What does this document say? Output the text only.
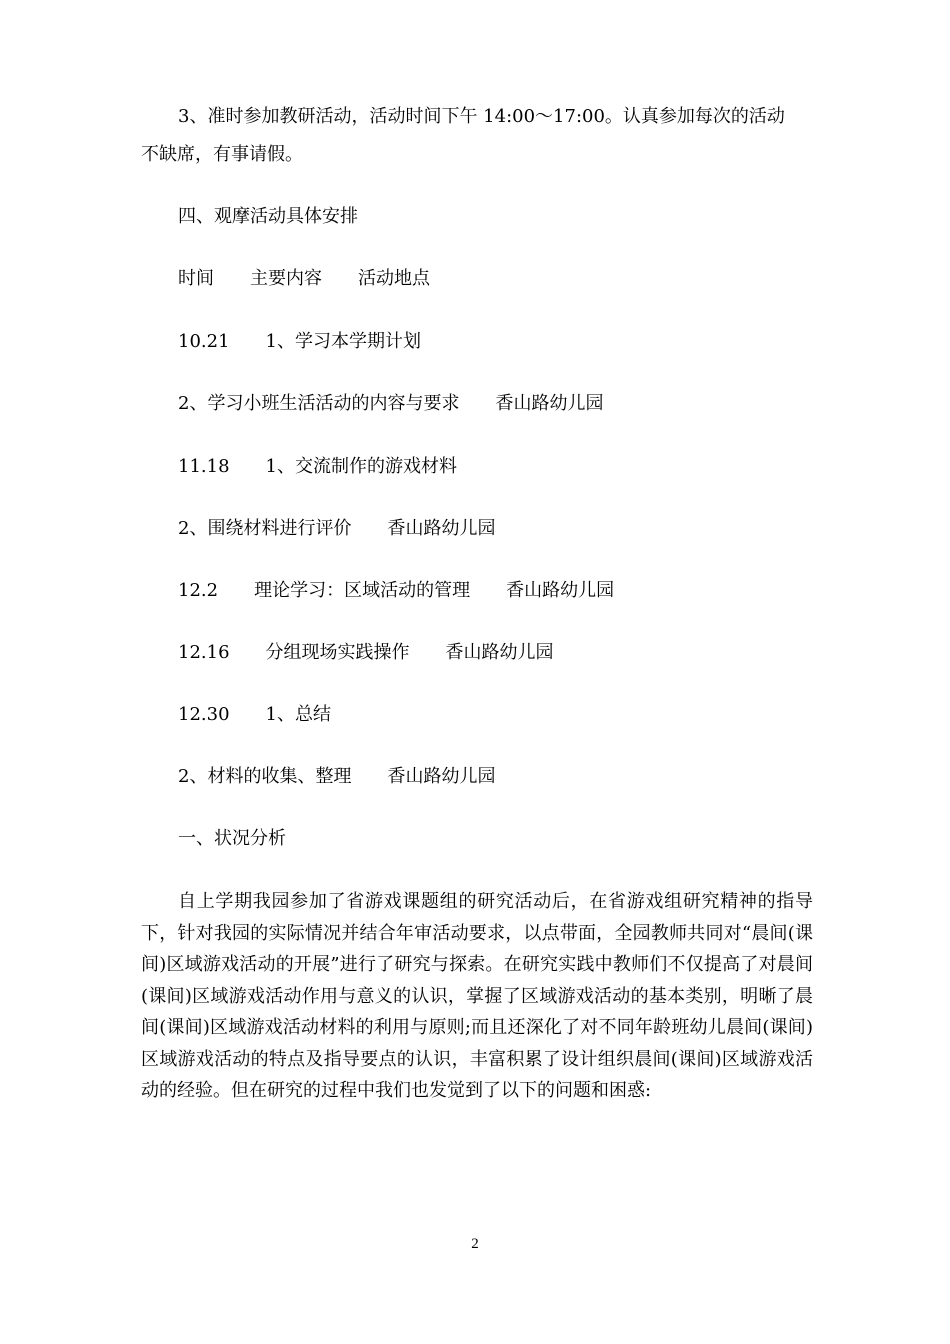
3、准时参加教研活动，活动时间下午 14:00～17:00。认真参加每次的活动
不缺席，有事请假。
四、观摩活动具体安排
时间　　主要内容　　活动地点
10.21　　1、学习本学期计划
2、学习小班生活活动的内容与要求　　香山路幼儿园
11.18　　1、交流制作的游戏材料
2、围绕材料进行评价　　香山路幼儿园
12.2　　理论学习：区域活动的管理　　香山路幼儿园
12.16　　分组现场实践操作　　香山路幼儿园
12.30　　1、总结
2、材料的收集、整理　　香山路幼儿园
一、状况分析
自上学期我园参加了省游戏课题组的研究活动后，在省游戏组研究精神的指导下，针对我园的实际情况并结合年审活动要求，以点带面，全园教师共同对“晨间(课间)区域游戏活动的开展”进行了研究与探索。在研究实践中教师们不仅提高了对晨间(课间)区域游戏活动作用与意义的认识，掌握了区域游戏活动的基本类别，明晰了晨间(课间)区域游戏活动材料的利用与原则;而且还深化了对不同年龄班幼儿晨间(课间)区域游戏活动的特点及指导要点的认识，丰富积累了设计组织晨间(课间)区域游戏活动的经验。但在研究的过程中我们也发觉到了以下的问题和困惑:
2
